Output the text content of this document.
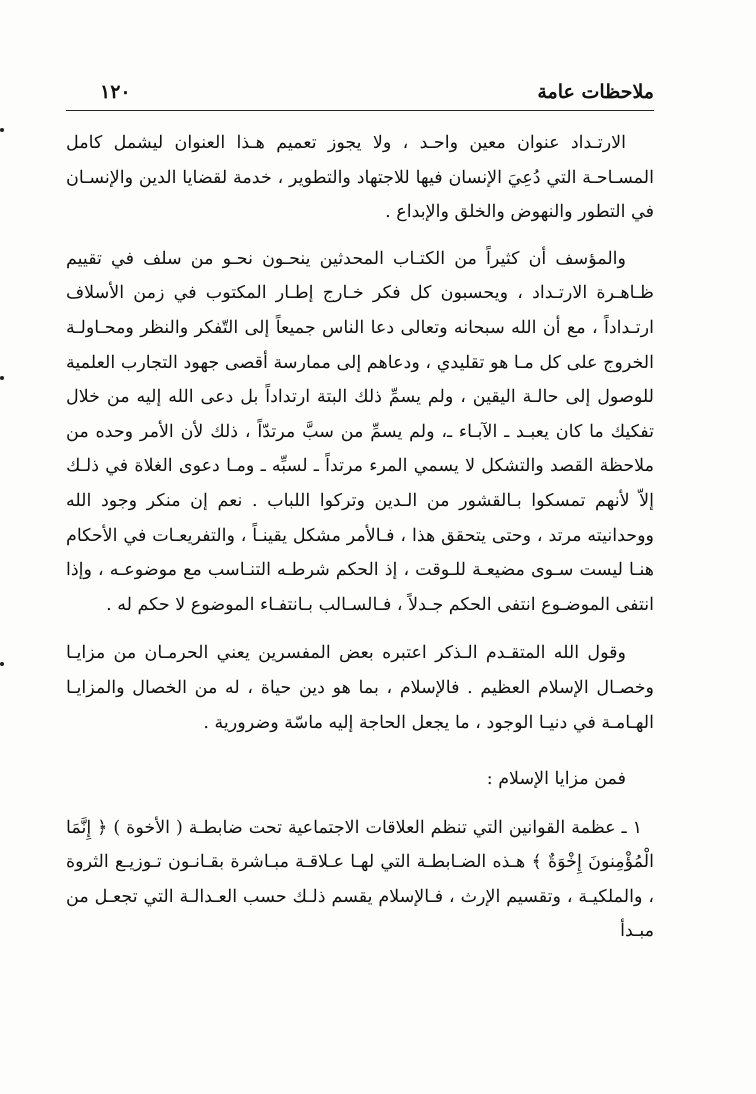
ملاحظات عامة
١٢٠

الارتـداد عنوان معين واحـد ، ولا يجوز تعميم هـذا العنوان ليشمل كامل المسـاحـة التي دُعِيَ الإنسان فيها للاجتهاد والتطوير ، خدمة لقضايا الدين والإنسـان في التطور والنهوض والخلق والإبداع .

والمؤسف أن كثيراً من الكتـاب المحدثين ينحـون نحـو من سلف في تقييم ظـاهـرة الارتـداد ، ويحسبون كل فكر خـارج إطـار المكتوب في زمن الأسلاف ارتـداداً ، مع أن الله سبحانه وتعالى دعا الناس جميعاً إلى التّفكر والنظر ومحـاولـة الخروج على كل مـا هو تقليدي ، ودعاهم إلى ممارسة أقصى جهود التجارب العلمية للوصول إلى حالـة اليقين ، ولم يسمِّ ذلك البتة ارتداداً بل دعى الله إليه من خلال تفكيك ما كان يعبـد ـ الآبـاء ـ، ولم يسمِّ من سبَّ مرتدّاً ، ذلك لأن الأمر وحده من ملاحظة القصد والتشكل لا يسمي المرء مرتداً ـ لسبِّه ـ ومـا دعوى الغلاة في ذلـك إلاّ لأنهم تمسكوا بـالقشور من الـدين وتركوا اللباب . نعم إن منكر وجود الله ووحدانيته مرتد ، وحتى يتحقق هذا ، فـالأمر مشكل يقينـاً ، والتفريعـات في الأحكام هنـا ليست سـوى مضيعـة للـوقت ، إذ الحكم شرطـه التنـاسب مع موضوعـه ، وإذا انتفى الموضـوع انتفى الحكم جـدلاً ، فـالسـالب بـانتفـاء الموضوع لا حكم له .

وقول الله المتقـدم الـذكر اعتبره بعض المفسرين يعني الحرمـان من مزايـا وخصـال الإسلام العظيم . فالإسلام ، بما هو دين حياة ، له من الخصال والمزايـا الهـامـة في دنيـا الوجود ، ما يجعل الحاجة إليه ماسّة وضرورية .

فمن مزايا الإسلام :

١ ـ عظمة القوانين التي تنظم العلاقات الاجتماعية تحت ضابطـة ( الأخوة ) ﴿ إِنَّمَا الْمُؤْمِنونَ إِخْوَةٌ ﴾ هـذه الضـابطـة التي لهـا عـلاقـة مبـاشرة بقـانـون تـوزيـع الثروة ، والملكيـة ، وتقسيم الإرث ، فـالإسلام يقسم ذلـك حسب العـدالـة التي تجعـل من مبـدأ
